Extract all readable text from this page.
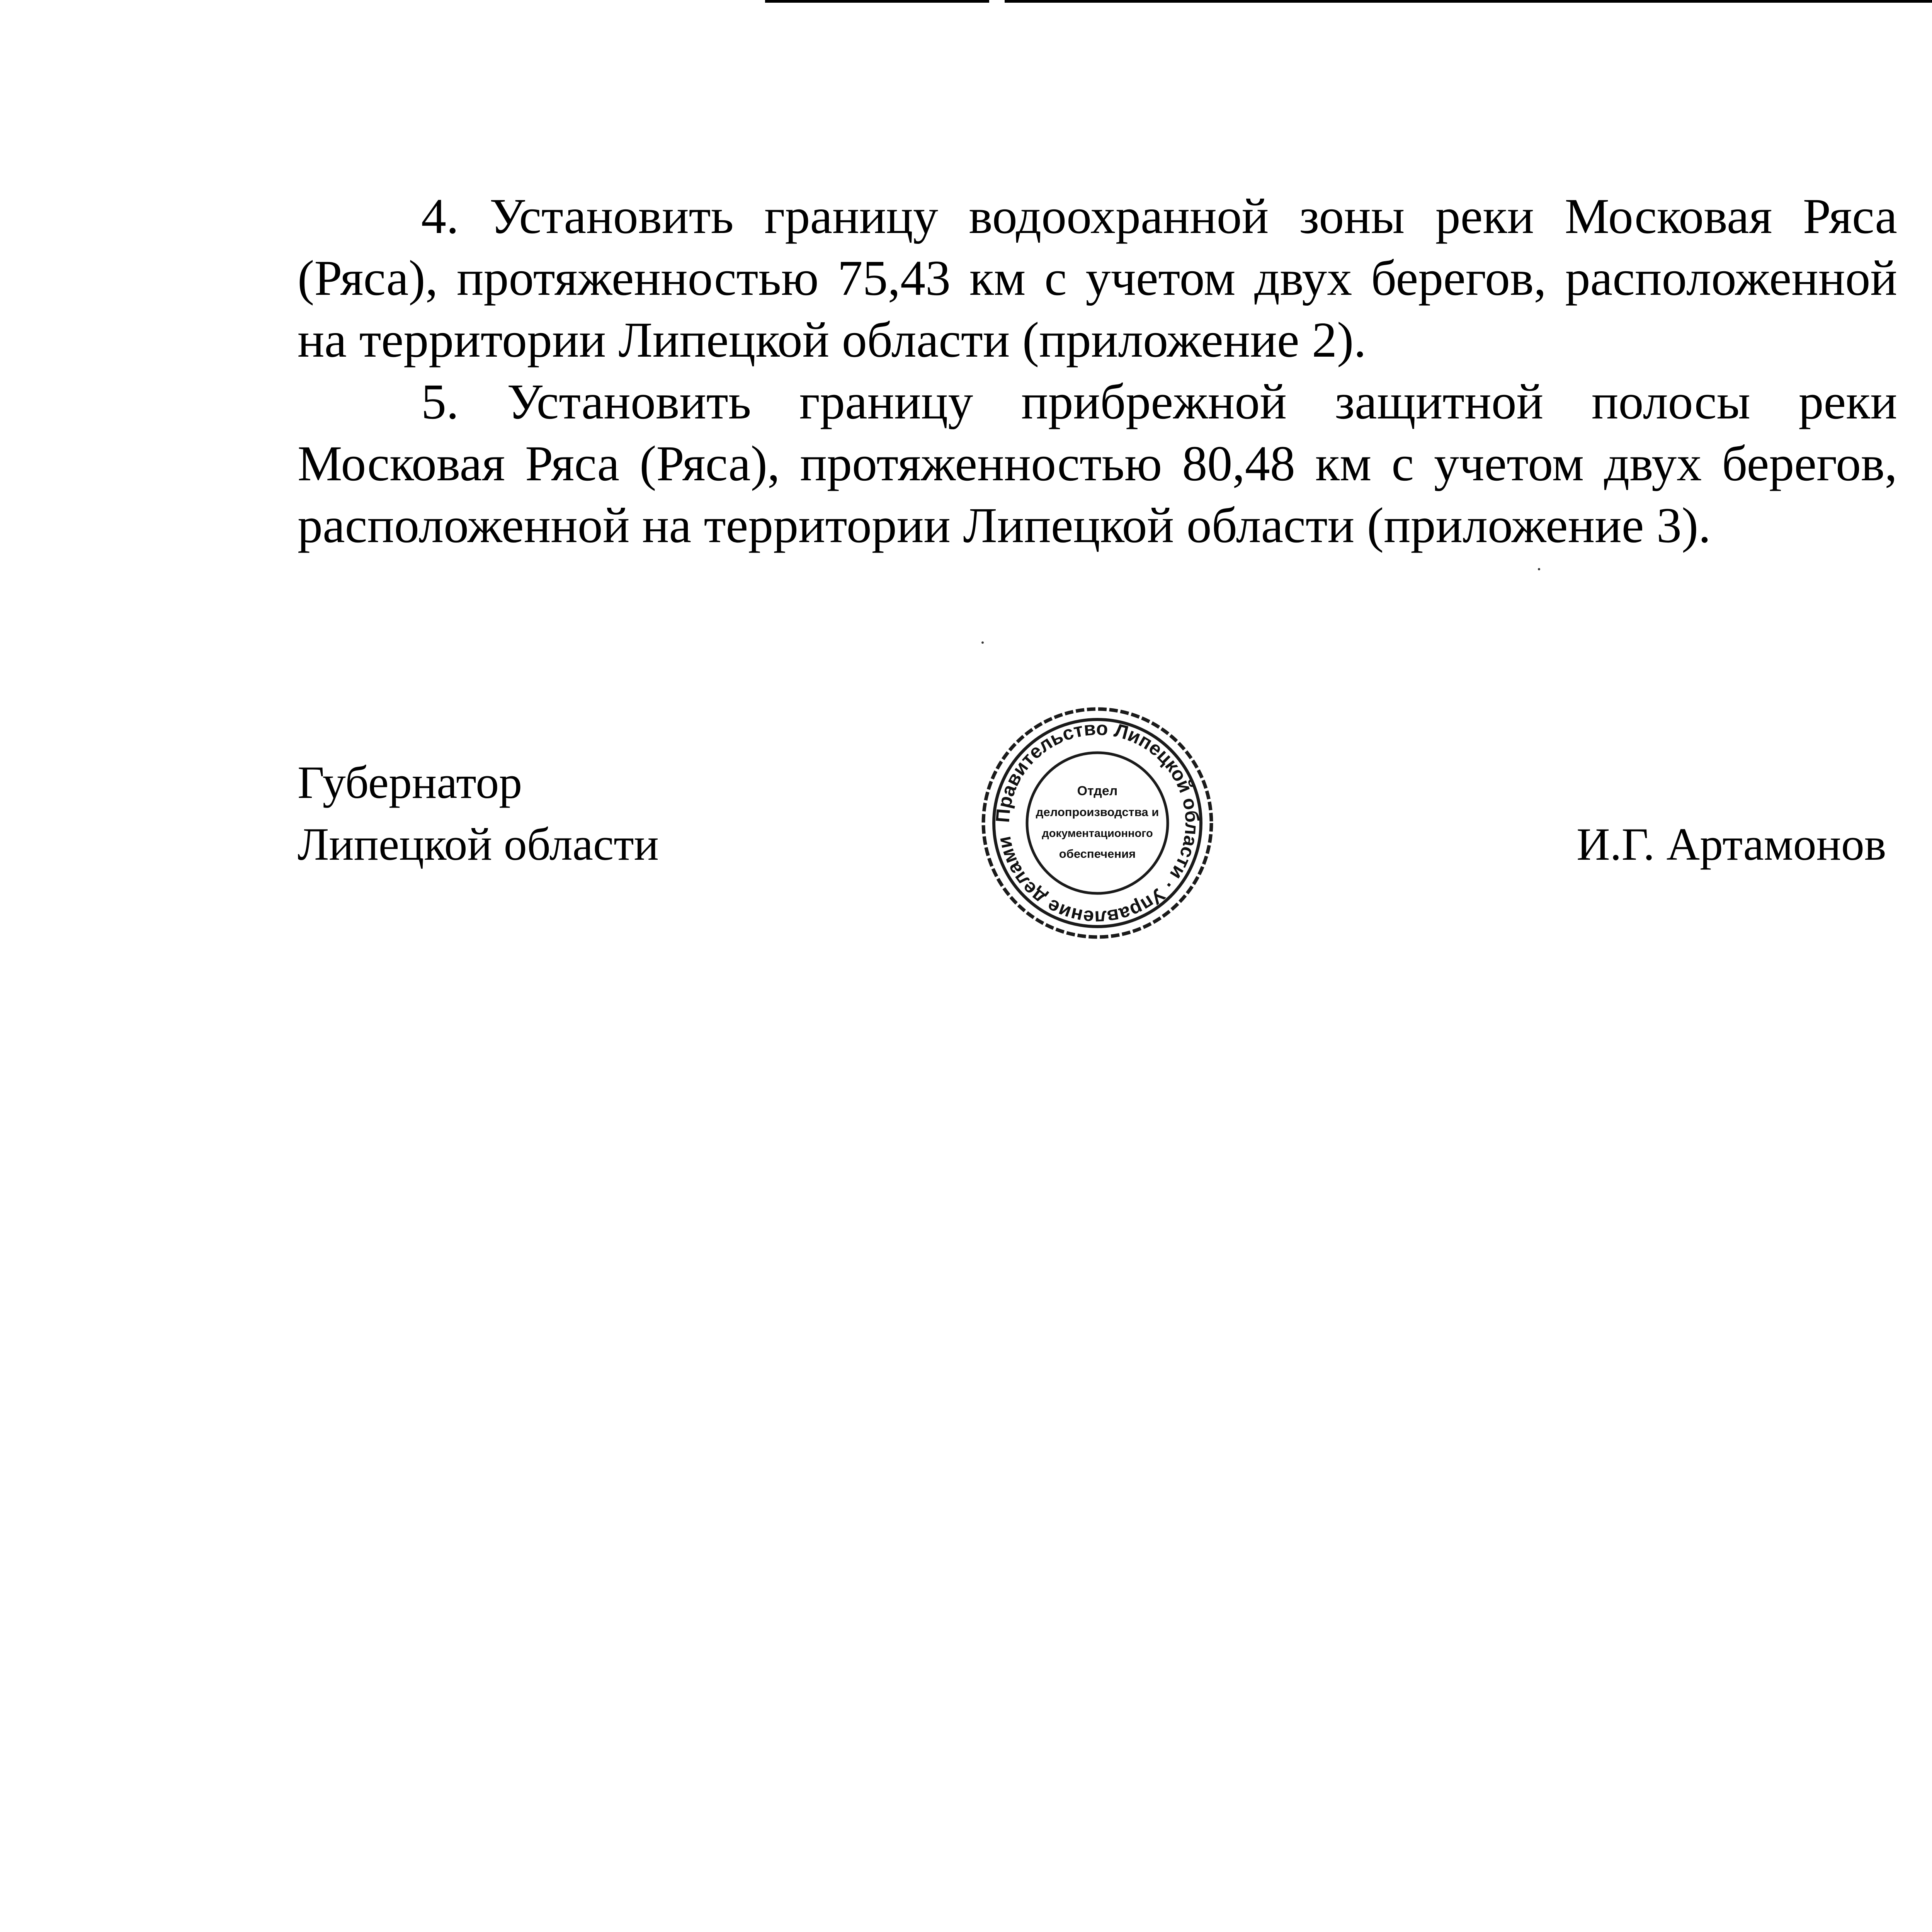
4. Установить границу водоохранной зоны реки Московая Ряса (Ряса), протяженностью 75,43 км с учетом двух берегов, расположенной на территории Липецкой области (приложение 2).

5. Установить границу прибрежной защитной полосы реки Московая Ряса (Ряса), протяженностью 80,48 км с учетом двух берегов, расположенной на территории Липецкой области (приложение 3).

Губернатор
Липецкой области
Правительство Липецкой области · Управление делами
Отдел
делопроизводства и
документационного
обеспечения	И.Г. Артамонов
